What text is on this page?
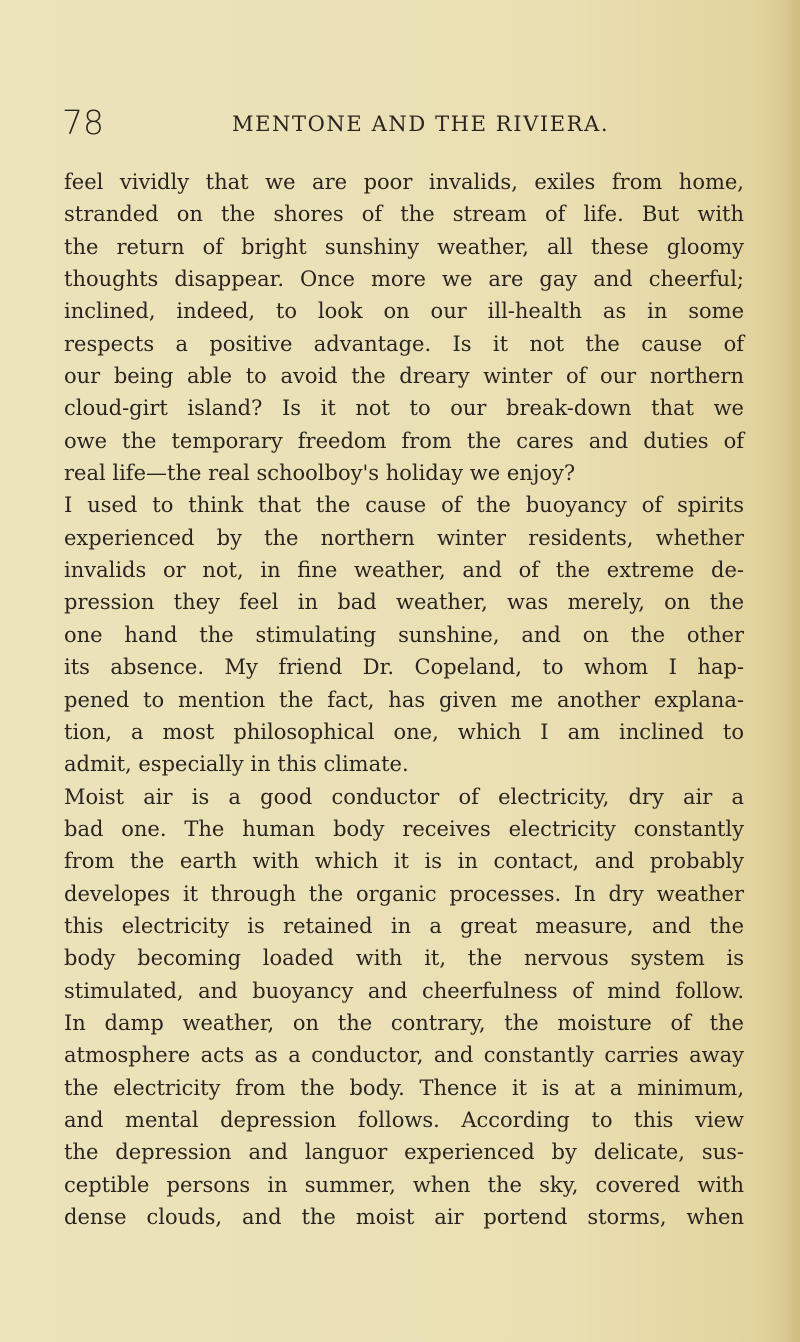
78	MENTONE AND THE RIVIERA.
feel vividly that we are poor invalids, exiles from home,
stranded on the shores of the stream of life. But with
the return of bright sunshiny weather, all these gloomy
thoughts disappear. Once more we are gay and cheerful;
inclined, indeed, to look on our ill-health as in some
respects a positive advantage. Is it not the cause of
our being able to avoid the dreary winter of our northern
cloud-girt island? Is it not to our break-down that we
owe the temporary freedom from the cares and duties of
real life—the real schoolboy's holiday we enjoy?
I used to think that the cause of the buoyancy of spirits
experienced by the northern winter residents, whether
invalids or not, in fine weather, and of the extreme de-
pression they feel in bad weather, was merely, on the
one hand the stimulating sunshine, and on the other
its absence. My friend Dr. Copeland, to whom I hap-
pened to mention the fact, has given me another explana-
tion, a most philosophical one, which I am inclined to
admit, especially in this climate.
Moist air is a good conductor of electricity, dry air a
bad one. The human body receives electricity constantly
from the earth with which it is in contact, and probably
developes it through the organic processes. In dry weather
this electricity is retained in a great measure, and the
body becoming loaded with it, the nervous system is
stimulated, and buoyancy and cheerfulness of mind follow.
In damp weather, on the contrary, the moisture of the
atmosphere acts as a conductor, and constantly carries away
the electricity from the body. Thence it is at a minimum,
and mental depression follows. According to this view
the depression and languor experienced by delicate, sus-
ceptible persons in summer, when the sky, covered with
dense clouds, and the moist air portend storms, when
